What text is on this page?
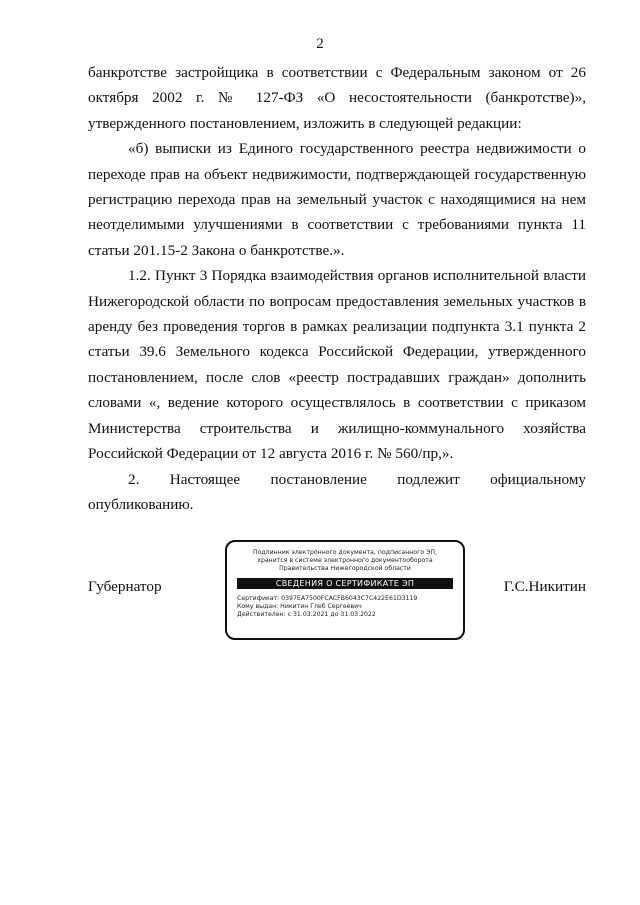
2

банкротстве застройщика в соответствии с Федеральным законом от 26 октября 2002 г. № 127-ФЗ «О несостоятельности (банкротстве)», утвержденного постановлением, изложить в следующей редакции:

«б) выписки из Единого государственного реестра недвижимости о переходе прав на объект недвижимости, подтверждающей государственную регистрацию перехода прав на земельный участок с находящимися на нем неотделимыми улучшениями в соответствии с требованиями пункта 11 статьи 201.15-2 Закона о банкротстве.».

1.2. Пункт 3 Порядка взаимодействия органов исполнительной власти Нижегородской области по вопросам предоставления земельных участков в аренду без проведения торгов в рамках реализации подпункта 3.1 пункта 2 статьи 39.6 Земельного кодекса Российской Федерации, утвержденного постановлением, после слов «реестр пострадавших граждан» дополнить словами «, ведение которого осуществлялось в соответствии с приказом Министерства строительства и жилищно-коммунального хозяйства Российской Федерации от 12 августа 2016 г. № 560/пр,».

2. Настоящее постановление подлежит официальному

опубликованию.

Губернатор	Г.С.Никитин
Подлинник электронного документа, подписанного ЭП,
хранится в системе электронного документооборота
Правительства Нижегородской области
СВЕДЕНИЯ О СЕРТИФИКАТЕ ЭП
Сертификат: 0397EA7500FCACFB6043C7C422E61D3119
Кому выдан: Никитин Глеб Сергеевич
Действителен: с 31.03.2021 до 31.03.2022
